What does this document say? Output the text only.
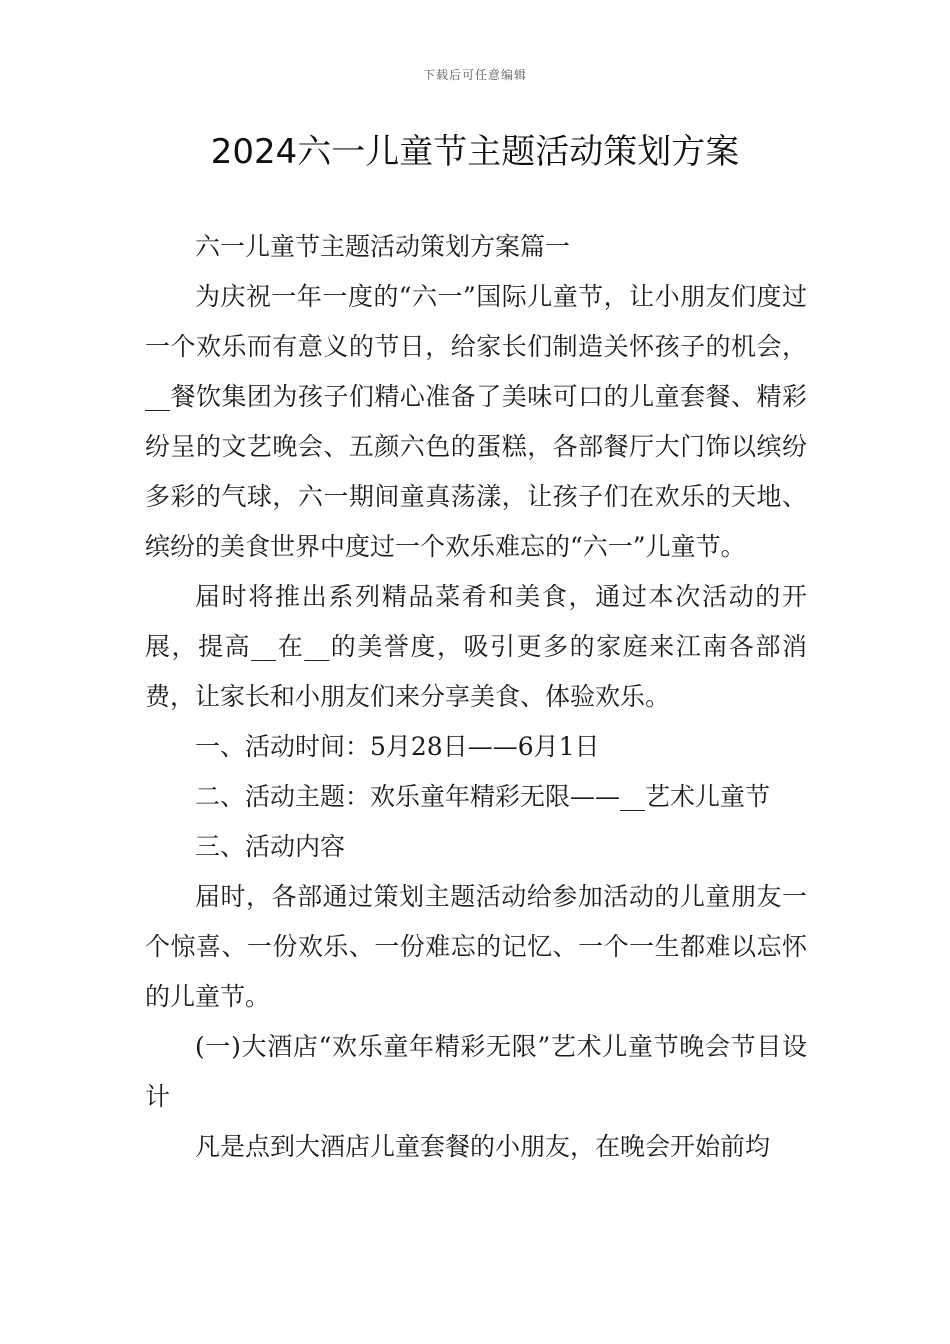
下载后可任意编辑
2024六一儿童节主题活动策划方案

六一儿童节主题活动策划方案篇一

为庆祝一年一度的“六一”国际儿童节，让小朋友们度过一个欢乐而有意义的节日，给家长们制造关怀孩子的机会，__餐饮集团为孩子们精心准备了美味可口的儿童套餐、精彩纷呈的文艺晚会、五颜六色的蛋糕，各部餐厅大门饰以缤纷多彩的气球，六一期间童真荡漾，让孩子们在欢乐的天地、缤纷的美食世界中度过一个欢乐难忘的“六一”儿童节。

届时将推出系列精品菜肴和美食，通过本次活动的开展，提高__在__的美誉度，吸引更多的家庭来江南各部消费，让家长和小朋友们来分享美食、体验欢乐。

一、活动时间：5月28日——6月1日

二、活动主题：欢乐童年精彩无限——__艺术儿童节

三、活动内容

届时，各部通过策划主题活动给参加活动的儿童朋友一个惊喜、一份欢乐、一份难忘的记忆、一个一生都难以忘怀的儿童节。

(一)大酒店“欢乐童年精彩无限”艺术儿童节晚会节目设计

凡是点到大酒店儿童套餐的小朋友，在晚会开始前均
